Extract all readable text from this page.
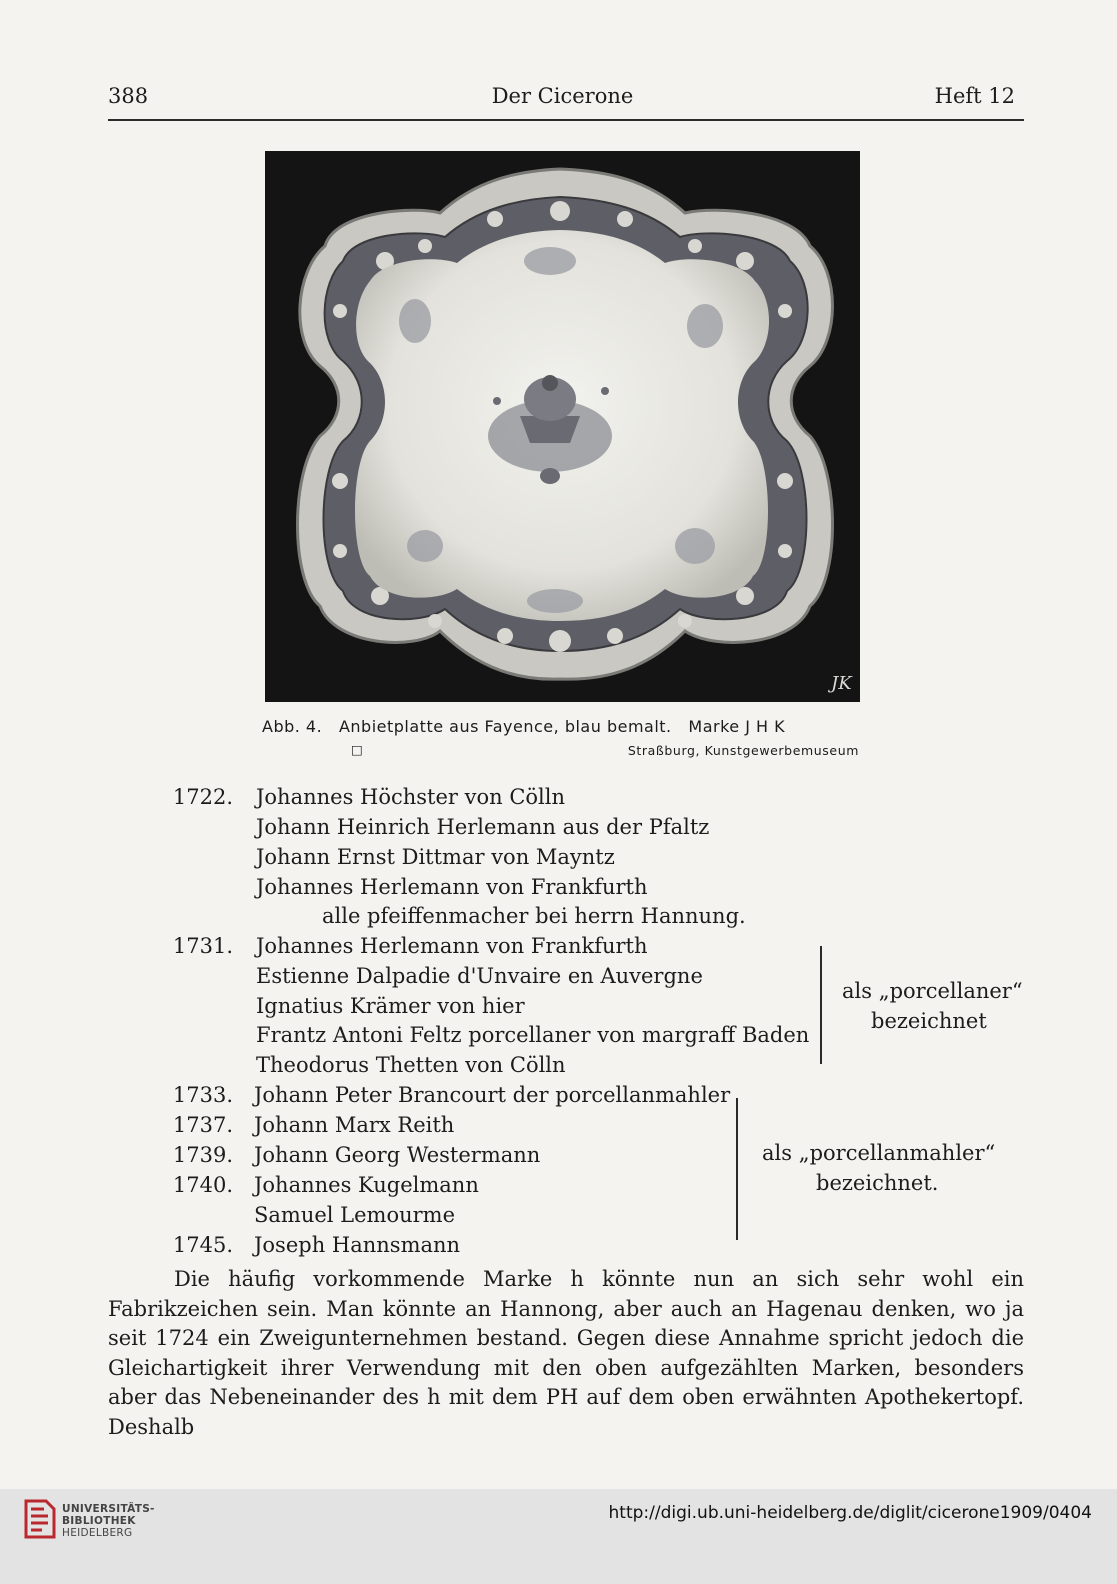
388	Der Cicerone	Heft 12
JK
Abb. 4.   Anbietplatte aus Fayence, blau bemalt.   Marke J H K
□	Straßburg, Kunstgewerbemuseum
1722. Johannes Höchster von Cölln
Johann Heinrich Herlemann aus der Pfaltz
Johann Ernst Dittmar von Mayntz
Johannes Herlemann von Frankfurth
alle pfeiffenmacher bei herrn Hannung.
1731. Johannes Herlemann von Frankfurth
Estienne Dalpadie d'Unvaire en Auvergne
Ignatius Krämer von hier
Frantz Antoni Feltz porcellaner von margraff Baden
Theodorus Thetten von Cölln
als „porcellaner“
bezeichnet
1733. Johann Peter Brancourt der porcellanmahler
1737. Johann Marx Reith
1739. Johann Georg Westermann
1740. Johannes Kugelmann
Samuel Lemourme
1745. Joseph Hannsmann
als „porcellanmahler“
bezeichnet.

Die häufig vorkommende Marke h könnte nun an sich sehr wohl ein Fabrikzeichen sein. Man könnte an Hannong, aber auch an Hagenau denken, wo ja seit 1724 ein Zweigunternehmen bestand. Gegen diese Annahme spricht jedoch die Gleichartigkeit ihrer Verwendung mit den oben aufgezählten Marken, besonders aber das Nebeneinander des h mit dem PH auf dem oben erwähnten Apothekertopf. Deshalb

UNIVERSITÄTS-
BIBLIOTHEK
HEIDELBERG
http://digi.ub.uni-heidelberg.de/diglit/cicerone1909/0404
